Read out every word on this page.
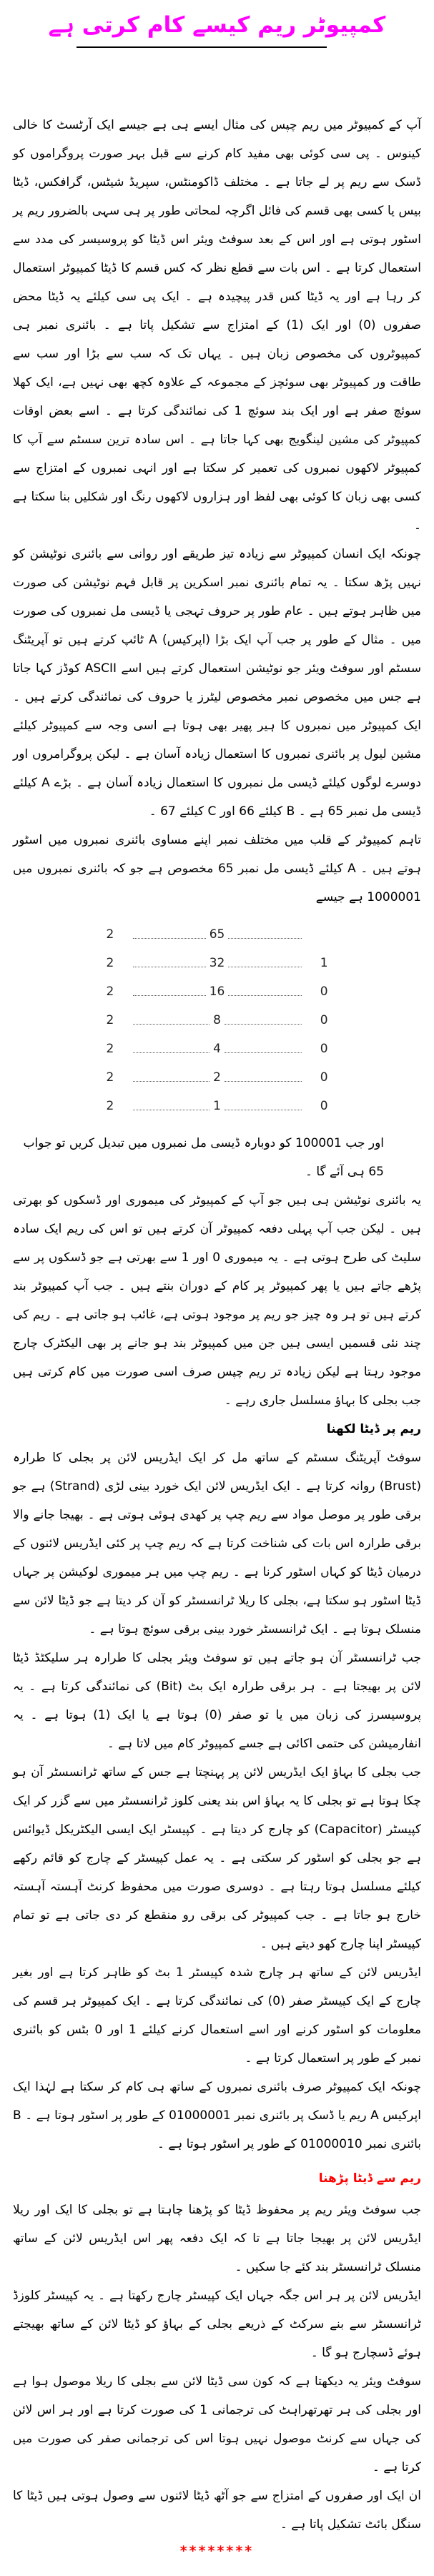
کمپیوٹر ریم کیسے کام کرتی ہے

آپ کے کمپیوٹر میں ریم چپس کی مثال ایسے ہی ہے جیسے ایک آرٹسٹ کا خالی کینوس ۔ پی سی کوئی بھی مفید کام کرنے سے قبل بہر صورت پروگراموں کو ڈسک سے ریم پر لے جاتا ہے ۔ مختلف ڈاکومنٹس، سپریڈ شیٹس، گرافکس، ڈیٹا بیس یا کسی بھی قسم کی فائل اگرچہ لمحاتی طور پر ہی سہی بالضرور ریم پر اسٹور ہوتی ہے اور اس کے بعد سوفٹ ویئر اس ڈیٹا کو پروسیسر کی مدد سے استعمال کرتا ہے ۔ اس بات سے قطع نظر کہ کس قسم کا ڈیٹا کمپیوٹر استعمال کر رہا ہے اور یہ ڈیٹا کس قدر پیچیدہ ہے ۔ ایک پی سی کیلئے یہ ڈیٹا محض صفروں (0) اور ایک (1) کے امتزاج سے تشکیل پاتا ہے ۔ بائنری نمبر ہی کمپیوٹروں کی مخصوص زبان ہیں ۔ یہاں تک کہ سب سے بڑا اور سب سے طاقت ور کمپیوٹر بھی سوئچز کے مجموعہ کے علاوہ کچھ بھی نہیں ہے، ایک کھلا سوئچ صفر ہے اور ایک بند سوئچ 1 کی نمائندگی کرتا ہے ۔ اسے بعض اوقات کمپیوٹر کی مشین لینگویج بھی کہا جاتا ہے ۔ اس سادہ ترین سسٹم سے آپ کا کمپیوٹر لاکھوں نمبروں کی تعمیر کر سکتا ہے اور انہی نمبروں کے امتزاج سے کسی بھی زبان کا کوئی بھی لفظ اور ہزاروں لاکھوں رنگ اور شکلیں بنا سکتا ہے ۔

چونکہ ایک انسان کمپیوٹر سے زیادہ تیز طریقے اور روانی سے بائنری نوٹیشن کو نہیں پڑھ سکتا ۔ یہ تمام بائنری نمبر اسکرین پر قابل فہم نوٹیشن کی صورت میں ظاہر ہوتے ہیں ۔ عام طور پر حروف تہجی یا ڈیسی مل نمبروں کی صورت میں ۔ مثال کے طور پر جب آپ ایک بڑا (اپرکیس) A ٹائپ کرتے ہیں تو آپریٹنگ سسٹم اور سوفٹ ویئر جو نوٹیشن استعمال کرتے ہیں اسے ASCII کوڈز کہا جاتا ہے جس میں مخصوص نمبر مخصوص لیٹرز یا حروف کی نمائندگی کرتے ہیں ۔ ایک کمپیوٹر میں نمبروں کا ہیر پھیر بھی ہوتا ہے اسی وجہ سے کمپیوٹر کیلئے مشین لیول پر بائنری نمبروں کا استعمال زیادہ آسان ہے ۔ لیکن پروگرامروں اور دوسرے لوگوں کیلئے ڈیسی مل نمبروں کا استعمال زیادہ آسان ہے ۔ بڑے A کیلئے ڈیسی مل نمبر 65 ہے ۔ B کیلئے 66 اور C کیلئے 67 ۔

تاہم کمپیوٹر کے قلب میں مختلف نمبر اپنے مساوی بائنری نمبروں میں اسٹور ہوتے ہیں ۔ A کیلئے ڈیسی مل نمبر 65 مخصوص ہے جو کہ بائنری نمبروں میں 1000001 ہے جیسے

2	65
2	32	1
2	16	0
2	8	0
2	4	0
2	2	0
2	1	0

اور جب 100001 کو دوبارہ ڈیسی مل نمبروں میں تبدیل کریں تو جواب 65 ہی آئے گا ۔

یہ بائنری نوٹیشن ہی ہیں جو آپ کے کمپیوٹر کی میموری اور ڈسکوں کو بھرتی ہیں ۔ لیکن جب آپ پہلی دفعہ کمپیوٹر آن کرتے ہیں تو اس کی ریم ایک سادہ سلیٹ کی طرح ہوتی ہے ۔ یہ میموری 0 اور 1 سے بھرتی ہے جو ڈسکوں پر سے پڑھے جاتے ہیں یا پھر کمپیوٹر پر کام کے دوران بنتے ہیں ۔ جب آپ کمپیوٹر بند کرتے ہیں تو ہر وہ چیز جو ریم پر موجود ہوتی ہے، غائب ہو جاتی ہے ۔ ریم کی چند نئی قسمیں ایسی ہیں جن میں کمپیوٹر بند ہو جانے پر بھی الیکٹرک چارج موجود رہتا ہے لیکن زیادہ تر ریم چپس صرف اسی صورت میں کام کرتی ہیں جب بجلی کا بہاؤ مسلسل جاری رہے ۔

ریم پر ڈیٹا لکھنا

سوفٹ آپریٹنگ سسٹم کے ساتھ مل کر ایک ایڈریس لائن پر بجلی کا طرارہ (Brust) روانہ کرتا ہے ۔ ایک ایڈریس لائن ایک خورد بینی لڑی (Strand) ہے جو برقی طور پر موصل مواد سے ریم چپ پر کھدی ہوئی ہوتی ہے ۔ بھیجا جانے والا برقی طرارہ اس بات کی شناخت کرتا ہے کہ ریم چپ پر کئی ایڈریس لائنوں کے درمیان ڈیٹا کو کہاں اسٹور کرنا ہے ۔ ریم چپ میں ہر میموری لوکیشن پر جہاں ڈیٹا اسٹور ہو سکتا ہے، بجلی کا ریلا ٹرانسسٹر کو آن کر دیتا ہے جو ڈیٹا لائن سے منسلک ہوتا ہے ۔ ایک ٹرانسسٹر خورد بینی برقی سوئچ ہوتا ہے ۔

جب ٹرانسسٹر آن ہو جاتے ہیں تو سوفٹ ویئر بجلی کا طرارہ ہر سلیکٹڈ ڈیٹا لائن پر بھیجتا ہے ۔ ہر برقی طرارہ ایک بٹ (Bit) کی نمائندگی کرتا ہے ۔ یہ پروسیسرز کی زبان میں یا تو صفر (0) ہوتا ہے یا ایک (1) ہوتا ہے ۔ یہ انفارمیشن کی حتمی اکائی ہے جسے کمپیوٹر کام میں لاتا ہے ۔

جب بجلی کا بہاؤ ایک ایڈریس لائن پر پہنچتا ہے جس کے ساتھ ٹرانسسٹر آن ہو چکا ہوتا ہے تو بجلی کا یہ بہاؤ اس بند یعنی کلوز ٹرانسسٹر میں سے گزر کر ایک کپیسٹر (Capacitor) کو چارج کر دیتا ہے ۔ کپیسٹر ایک ایسی الیکٹریکل ڈیوائس ہے جو بجلی کو اسٹور کر سکتی ہے ۔ یہ عمل کپیسٹر کے چارج کو قائم رکھے کیلئے مسلسل ہوتا رہتا ہے ۔ دوسری صورت میں محفوظ کرنٹ آہستہ آہستہ خارج ہو جاتا ہے ۔ جب کمپیوٹر کی برقی رو منقطع کر دی جاتی ہے تو تمام کپیسٹر اپنا چارج کھو دیتے ہیں ۔

ایڈریس لائن کے ساتھ ہر چارج شدہ کپیسٹر 1 بٹ کو ظاہر کرتا ہے اور بغیر چارج کے ایک کپیسٹر صفر (0) کی نمائندگی کرتا ہے ۔ ایک کمپیوٹر ہر قسم کی معلومات کو اسٹور کرنے اور اسے استعمال کرنے کیلئے 1 اور 0 بٹس کو بائنری نمبر کے طور پر استعمال کرتا ہے ۔

چونکہ ایک کمپیوٹر صرف بائنری نمبروں کے ساتھ ہی کام کر سکتا ہے لہٰذا ایک اپرکیس A ریم یا ڈسک پر بائنری نمبر 01000001 کے طور پر اسٹور ہوتا ہے ۔ B بائنری نمبر 01000010 کے طور پر اسٹور ہوتا ہے ۔

ریم سے ڈیٹا پڑھنا

جب سوفٹ ویئر ریم پر محفوظ ڈیٹا کو پڑھنا چاہتا ہے تو بجلی کا ایک اور ریلا ایڈریس لائن پر بھیجا جاتا ہے تا کہ ایک دفعہ پھر اس ایڈریس لائن کے ساتھ منسلک ٹرانسسٹر بند کئے جا سکیں ۔

ایڈریس لائن پر ہر اس جگہ جہاں ایک کپیسٹر چارج رکھتا ہے ۔ یہ کپیسٹر کلوزڈ ٹرانسسٹر سے بنے سرکٹ کے ذریعے بجلی کے بہاؤ کو ڈیٹا لائن کے ساتھ بھیجتے ہوئے ڈسچارج ہو گا ۔

سوفٹ ویئر یہ دیکھتا ہے کہ کون سی ڈیٹا لائن سے بجلی کا ریلا موصول ہوا ہے اور بجلی کی ہر تھرتھراہٹ کی ترجمانی 1 کی صورت کرتا ہے اور ہر اس لائن کی جہاں سے کرنٹ موصول نہیں ہوتا اس کی ترجمانی صفر کی صورت میں کرتا ہے ۔

ان ایک اور صفروں کے امتزاج سے جو آٹھ ڈیٹا لائنوں سے وصول ہوتی ہیں ڈیٹا کا سنگل بائٹ تشکیل پاتا ہے ۔

********
